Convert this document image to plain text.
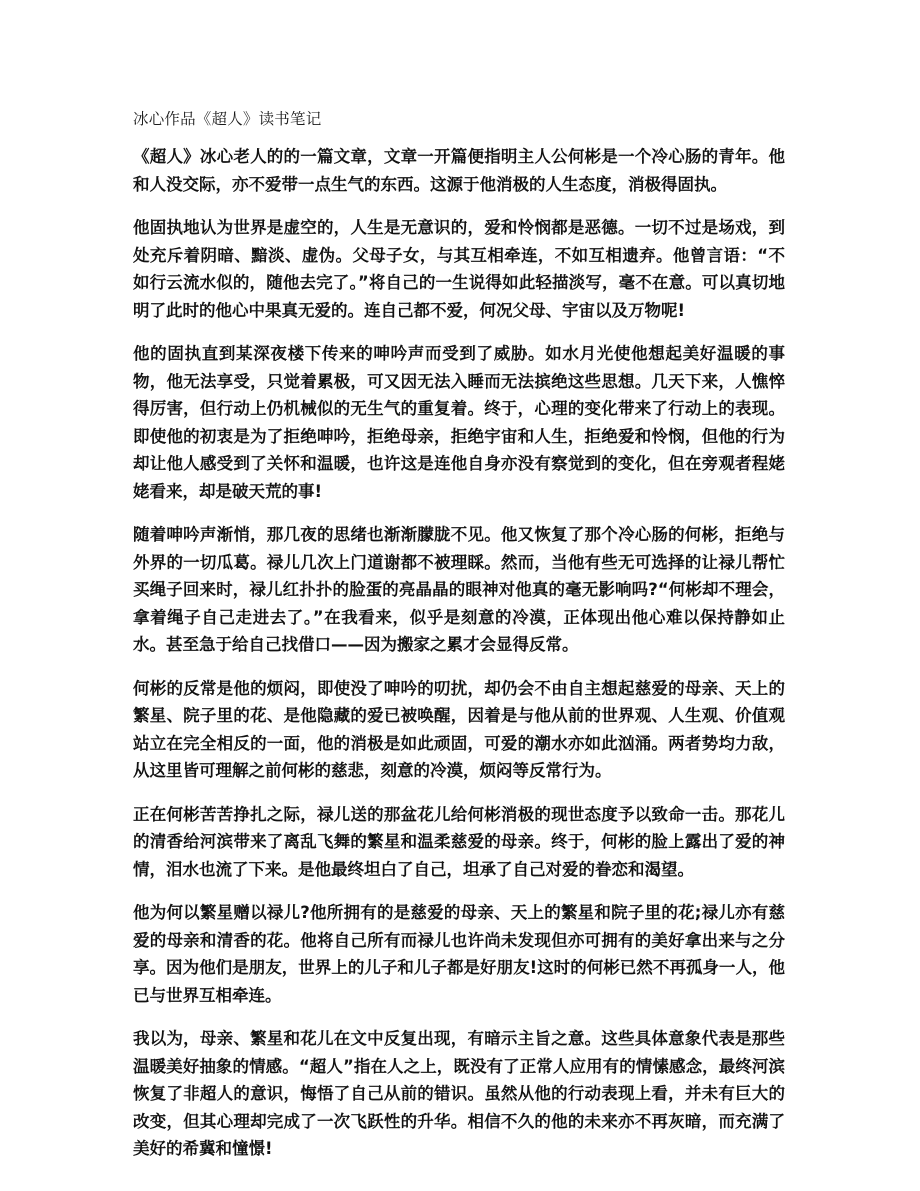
冰心作品《超人》读书笔记

《超人》冰心老人的的一篇文章，文章一开篇便指明主人公何彬是一个冷心肠的青年。他和人没交际，亦不爱带一点生气的东西。这源于他消极的人生态度，消极得固执。

他固执地认为世界是虚空的，人生是无意识的，爱和怜悯都是恶德。一切不过是场戏，到处充斥着阴暗、黯淡、虚伪。父母子女，与其互相牵连，不如互相遗弃。他曾言语：“不如行云流水似的，随他去完了。”将自己的一生说得如此轻描淡写，毫不在意。可以真切地明了此时的他心中果真无爱的。连自己都不爱，何况父母、宇宙以及万物呢!

他的固执直到某深夜楼下传来的呻吟声而受到了威胁。如水月光使他想起美好温暖的事物，他无法享受，只觉着累极，可又因无法入睡而无法摈绝这些思想。几天下来，人憔悴得厉害，但行动上仍机械似的无生气的重复着。终于，心理的变化带来了行动上的表现。即使他的初衷是为了拒绝呻吟，拒绝母亲，拒绝宇宙和人生，拒绝爱和怜悯，但他的行为却让他人感受到了关怀和温暖，也许这是连他自身亦没有察觉到的变化，但在旁观者程姥姥看来，却是破天荒的事!

随着呻吟声渐悄，那几夜的思绪也渐渐朦胧不见。他又恢复了那个冷心肠的何彬，拒绝与外界的一切瓜葛。禄儿几次上门道谢都不被理睬。然而，当他有些无可选择的让禄儿帮忙买绳子回来时，禄儿红扑扑的脸蛋的亮晶晶的眼神对他真的毫无影响吗?“何彬却不理会，拿着绳子自己走进去了。”在我看来，似乎是刻意的冷漠，正体现出他心难以保持静如止水。甚至急于给自己找借口——因为搬家之累才会显得反常。

何彬的反常是他的烦闷，即使没了呻吟的叨扰，却仍会不由自主想起慈爱的母亲、天上的繁星、院子里的花、是他隐藏的爱已被唤醒，因着是与他从前的世界观、人生观、价值观站立在完全相反的一面，他的消极是如此顽固，可爱的潮水亦如此汹涌。两者势均力敌，从这里皆可理解之前何彬的慈悲，刻意的冷漠，烦闷等反常行为。

正在何彬苦苦挣扎之际，禄儿送的那盆花儿给何彬消极的现世态度予以致命一击。那花儿的清香给河滨带来了离乱飞舞的繁星和温柔慈爱的母亲。终于，何彬的脸上露出了爱的神情，泪水也流了下来。是他最终坦白了自己，坦承了自己对爱的眷恋和渴望。

他为何以繁星赠以禄儿?他所拥有的是慈爱的母亲、天上的繁星和院子里的花;禄儿亦有慈爱的母亲和清香的花。他将自己所有而禄儿也许尚未发现但亦可拥有的美好拿出来与之分享。因为他们是朋友，世界上的儿子和儿子都是好朋友!这时的何彬已然不再孤身一人，他已与世界互相牵连。

我以为，母亲、繁星和花儿在文中反复出现，有暗示主旨之意。这些具体意象代表是那些温暖美好抽象的情感。“超人”指在人之上，既没有了正常人应用有的情愫感念，最终河滨恢复了非超人的意识，悔悟了自己从前的错识。虽然从他的行动表现上看，并未有巨大的改变，但其心理却完成了一次飞跃性的升华。相信不久的他的未来亦不再灰暗，而充满了美好的希冀和憧憬!
